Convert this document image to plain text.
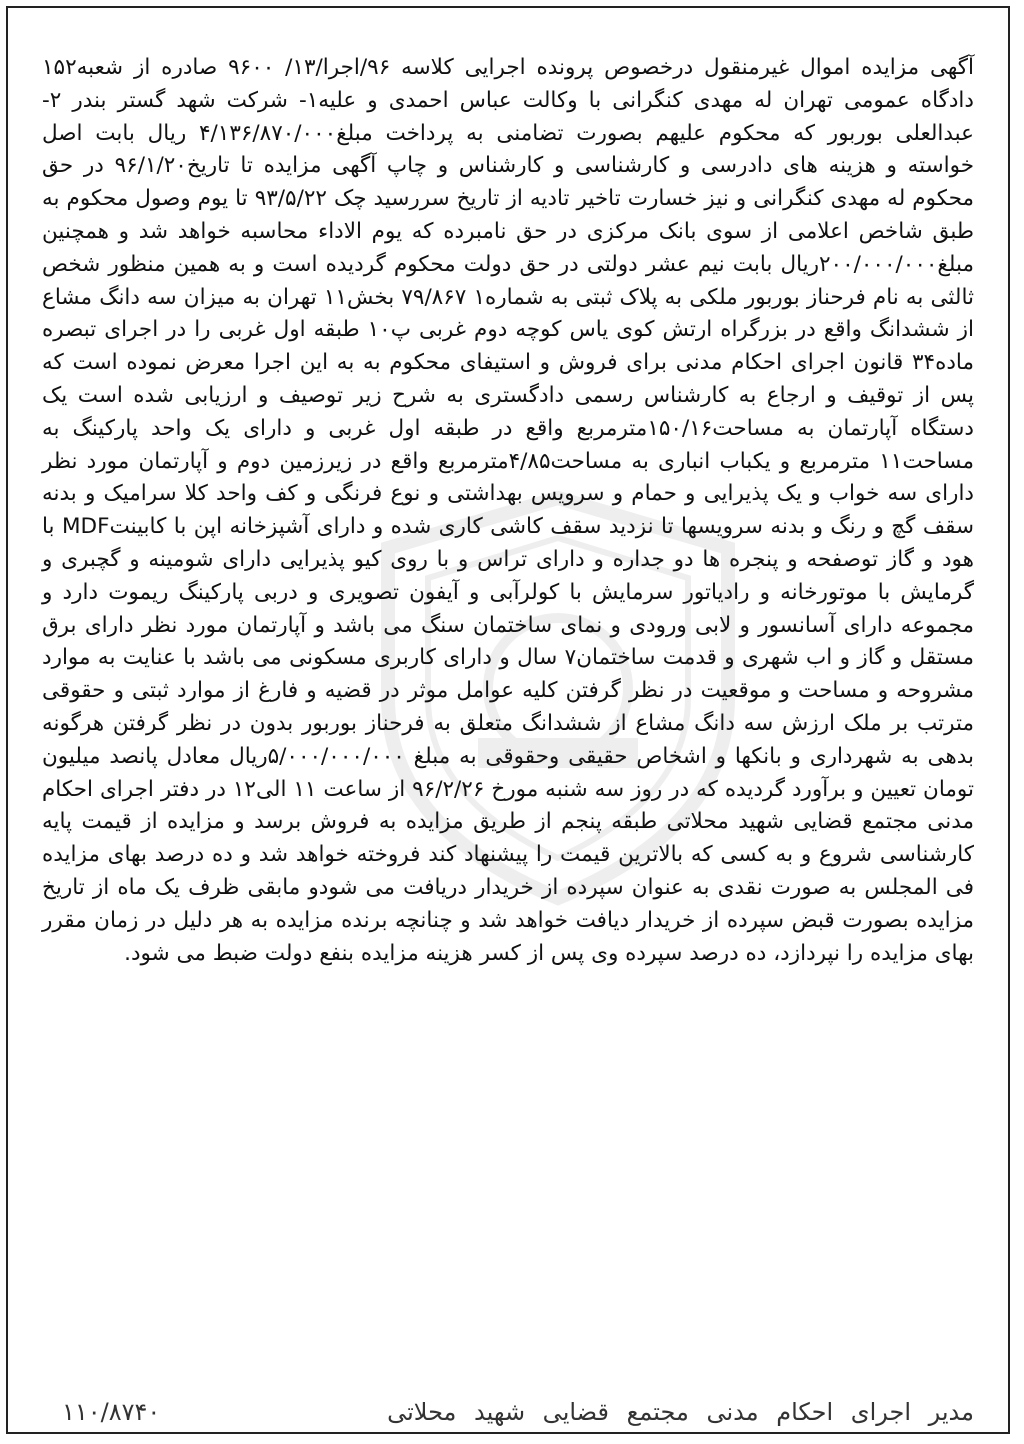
آگهی مزایده اموال غیرمنقول درخصوص پرونده اجرایی کلاسه ۹۶/اجرا/۱۳/ ۹۶۰۰ صادره از شعبه۱۵۲ دادگاه عمومی تهران له مهدی کنگرانی با وکالت عباس احمدی و علیه۱- شرکت شهد گستر بندر ۲-عبدالعلی بوربور که محکوم علیهم بصورت تضامنی به پرداخت مبلغ۴/۱۳۶/۸۷۰/۰۰۰ ریال بابت اصل خواسته و هزینه های دادرسی و کارشناسی و کارشناس و چاپ آگهی مزایده تا تاریخ۹۶/۱/۲۰ در حق محکوم له مهدی کنگرانی و نیز خسارت تاخیر تادیه از تاریخ سررسید چک ۹۳/۵/۲۲ تا یوم وصول محکوم به طبق شاخص اعلامی از سوی بانک مرکزی در حق نامبرده که یوم الاداء محاسبه خواهد شد و همچنین مبلغ۲۰۰/۰۰۰/۰۰۰ریال بابت نیم عشر دولتی در حق دولت محکوم گردیده است و به همین منظور شخص ثالثی به نام فرحناز بوربور ملکی به پلاک ثبتی به شماره۱ ۷۹/۸۶۷ بخش۱۱ تهران به میزان سه دانگ مشاع از ششدانگ واقع در بزرگراه ارتش کوی یاس کوچه دوم غربی پ۱۰ طبقه اول غربی را در اجرای تبصره ماده۳۴ قانون اجرای احکام مدنی برای فروش و استیفای محکوم به به این اجرا معرض نموده است که پس از توقیف و ارجاع به کارشناس رسمی دادگستری به شرح زیر توصیف و ارزیابی شده است یک دستگاه آپارتمان به مساحت۱۵۰/۱۶مترمربع واقع در طبقه اول غربی و دارای یک واحد پارکینگ به مساحت۱۱ مترمربع و یکباب انباری به مساحت۴/۸۵مترمربع واقع در زیرزمین دوم و آپارتمان مورد نظر دارای سه خواب و یک پذیرایی و حمام و سرویس بهداشتی و نوع فرنگی و کف واحد کلا سرامیک و بدنه سقف گچ و رنگ و بدنه سرویسها تا نزدید سقف کاشی کاری شده و دارای آشپزخانه اپن با کابینتMDF با هود و گاز توصفحه و پنجره ها دو جداره و دارای تراس و با روی کیو پذیرایی دارای شومینه و گچبری و گرمایش با موتورخانه و رادیاتور سرمایش با کولرآبی و آیفون تصویری و دربی پارکینگ ریموت دارد و مجموعه دارای آسانسور و لابی ورودی و نمای ساختمان سنگ می باشد و آپارتمان مورد نظر دارای برق مستقل و گاز و اب شهری و قدمت ساختمان۷ سال و دارای کاربری مسکونی می باشد با عنایت به موارد مشروحه و مساحت و موقعیت در نظر گرفتن کلیه عوامل موثر در قضیه و فارغ از موارد ثبتی و حقوقی مترتب بر ملک ارزش سه دانگ مشاع از ششدانگ متعلق به فرحناز بوربور بدون در نظر گرفتن هرگونه بدهی به شهرداری و بانکها و اشخاص حقیقی وحقوقی به مبلغ ۵/۰۰۰/۰۰۰/۰۰۰ریال معادل پانصد میلیون تومان تعیین و برآورد گردیده که در روز سه شنبه مورخ ۹۶/۲/۲۶ از ساعت ۱۱ الی۱۲ در دفتر اجرای احکام مدنی مجتمع قضایی شهید محلاتی طبقه پنجم از طریق مزایده به فروش برسد و مزایده از قیمت پایه کارشناسی شروع و به کسی که بالاترین قیمت را پیشنهاد کند فروخته خواهد شد و ده درصد بهای مزایده فی المجلس به صورت نقدی به عنوان سپرده از خریدار دریافت می شودو مابقی ظرف یک ماه از تاریخ مزایده بصورت قبض سپرده از خریدار دیافت خواهد شد و چنانچه برنده مزایده به هر دلیل در زمان مقرر بهای مزایده را نپردازد، ده درصد سپرده وی پس از کسر هزینه مزایده بنفع دولت ضبط می شود.

مدیر اجرای احکام مدنی مجتمع قضایی شهید محلاتی
۱۱۰/۸۷۴۰
